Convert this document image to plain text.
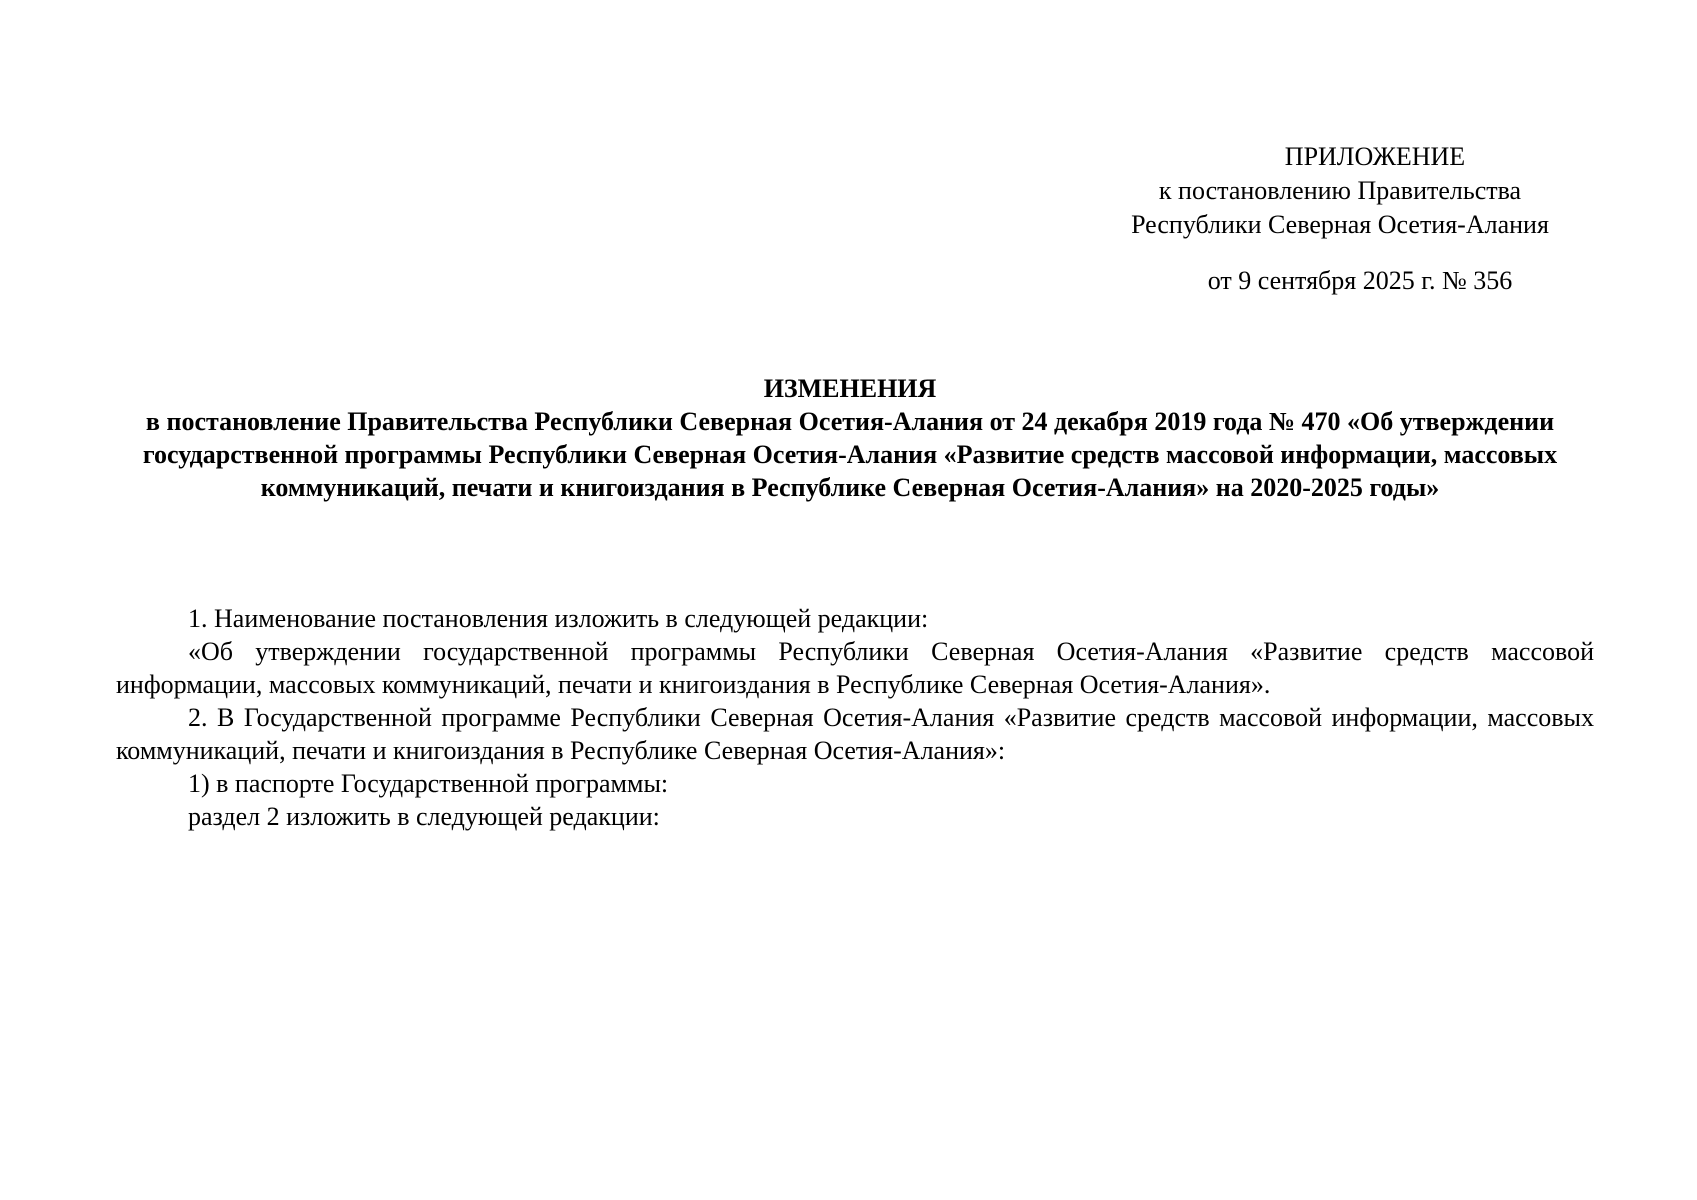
ПРИЛОЖЕНИЕ
к постановлению Правительства
Республики Северная Осетия-Алания
от 9 сентября 2025 г. № 356
ИЗМЕНЕНИЯ
в постановление Правительства Республики Северная Осетия-Алания от 24 декабря 2019 года № 470 «Об утверждении государственной программы Республики Северная Осетия-Алания «Развитие средств массовой информации, массовых коммуникаций, печати и книгоиздания в Республике Северная Осетия-Алания» на 2020-2025 годы»

1. Наименование постановления изложить в следующей редакции:

«Об утверждении государственной программы Республики Северная Осетия-Алания «Развитие средств массовой информации, массовых коммуникаций, печати и книгоиздания в Республике Северная Осетия-Алания».

2. В Государственной программе Республики Северная Осетия-Алания «Развитие средств массовой информации, массовых коммуникаций, печати и книгоиздания в Республике Северная Осетия-Алания»:

1) в паспорте Государственной программы:

раздел 2 изложить в следующей редакции:
